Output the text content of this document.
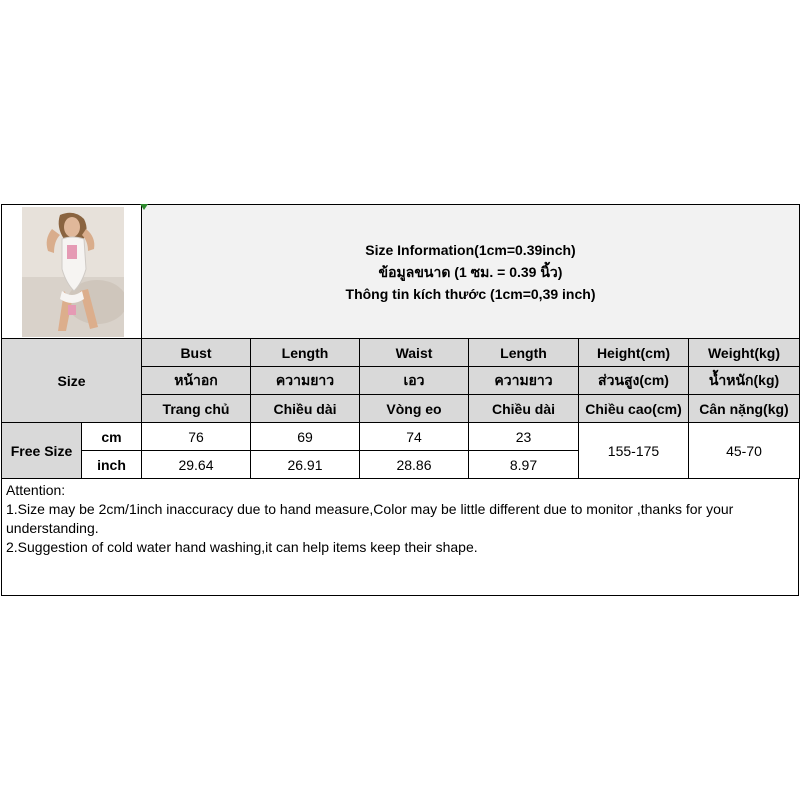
Size Information(1cm=0.39inch)
ข้อมูลขนาด (1 ซม. = 0.39 นิ้ว)
Thông tin kích thước (1cm=0,39 inch)					

Size		Bust	Length	Waist	Length	Height(cm)	Weight(kg)
		หน้าอก	ความยาว	เอว	ความยาว	ส่วนสูง(cm)	น้ำหนัก(kg)
		Trang chủ	Chiều dài	Vòng eo	Chiều dài	Chiều cao(cm)	Cân nặng(kg)
Free Size	cm	76	69	74	23	155-175	45-70
	inch	29.64	26.91	28.86	8.97		
Attention:
1.Size may be 2cm/1inch inaccuracy due to hand measure,Color may be little different due to monitor ,thanks for your understanding.
2.Suggestion of cold water hand washing,it can help items keep their shape.
